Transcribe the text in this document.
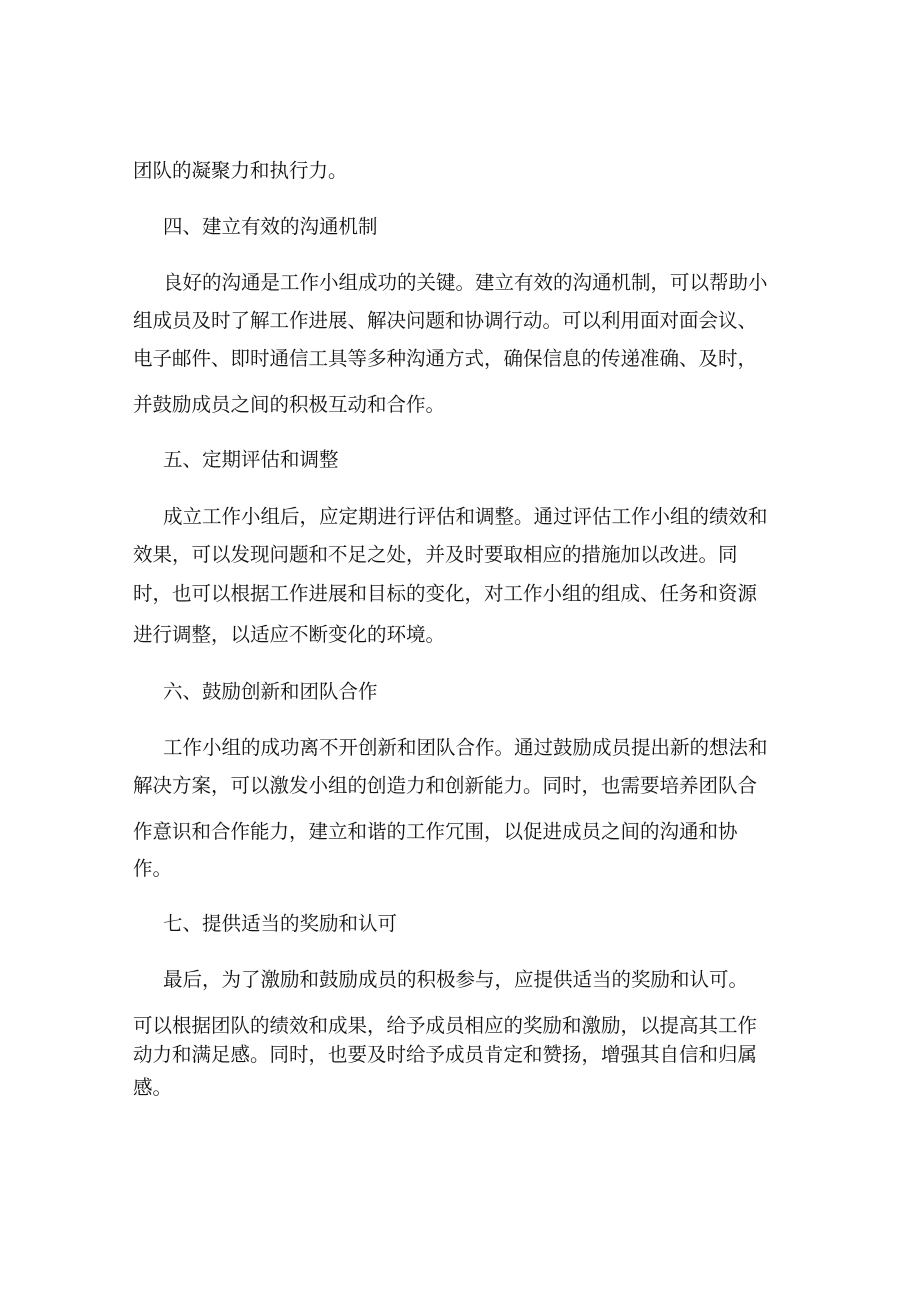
团队的凝聚力和执行力。

四、建立有效的沟通机制

良好的沟通是工作小组成功的关键。建立有效的沟通机制，可以帮助小

组成员及时了解工作进展、解决问题和协调行动。可以利用面对面会议、

电子邮件、即时通信工具等多种沟通方式，确保信息的传递准确、及时，

并鼓励成员之间的积极互动和合作。

五、定期评估和调整

成立工作小组后，应定期进行评估和调整。通过评估工作小组的绩效和

效果，可以发现问题和不足之处，并及时要取相应的措施加以改进。同

时，也可以根据工作进展和目标的变化，对工作小组的组成、任务和资源

进行调整，以适应不断变化的环境。

六、鼓励创新和团队合作

工作小组的成功离不开创新和团队合作。通过鼓励成员提出新的想法和

解决方案，可以激发小组的创造力和创新能力。同时，也需要培养团队合

作意识和合作能力，建立和谐的工作冗围，以促进成员之间的沟通和协

作。

七、提供适当的奖励和认可

最后，为了激励和鼓励成员的积极参与，应提供适当的奖励和认可。

可以根据团队的绩效和成果，给予成员相应的奖励和激励，以提高其工作

动力和满足感。同时，也要及时给予成员肯定和赞扬，增强其自信和归属

感。
